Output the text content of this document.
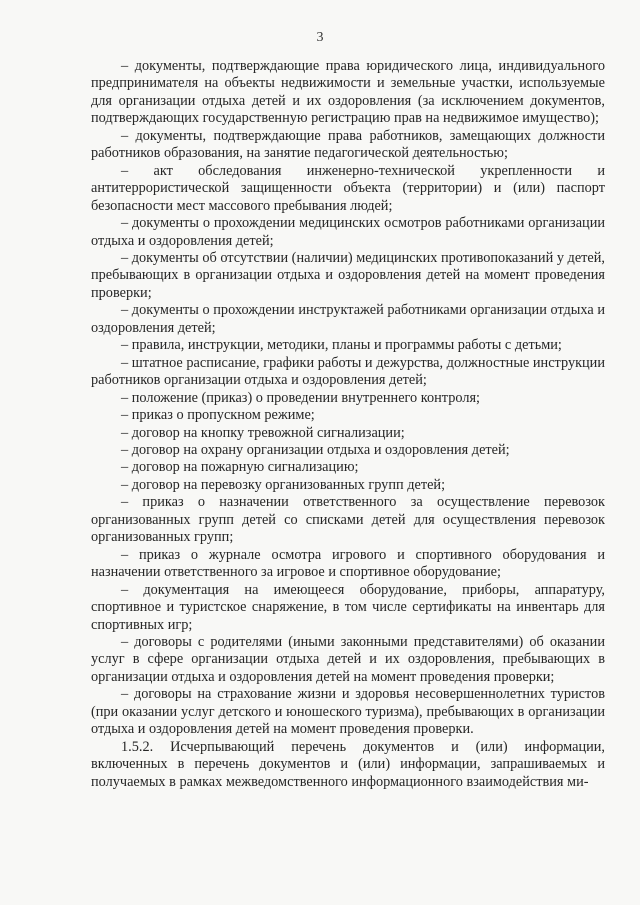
3

– документы, подтверждающие права юридического лица, индивидуального предпринимателя на объекты недвижимости и земельные участки, используемые для организации отдыха детей и их оздоровления (за исключением документов, подтверждающих государственную регистрацию прав на недвижимое имущество);

– документы, подтверждающие права работников, замещающих должности работников образования, на занятие педагогической деятельностью;

– акт обследования инженерно-технической укрепленности и антитеррористической защищенности объекта (территории) и (или) паспорт безопасности мест массового пребывания людей;

– документы о прохождении медицинских осмотров работниками организации отдыха и оздоровления детей;

– документы об отсутствии (наличии) медицинских противопоказаний у детей, пребывающих в организации отдыха и оздоровления детей на момент проведения проверки;

– документы о прохождении инструктажей работниками организации отдыха и оздоровления детей;

– правила, инструкции, методики, планы и программы работы с детьми;

– штатное расписание, графики работы и дежурства, должностные инструкции работников организации отдыха и оздоровления детей;

– положение (приказ) о проведении внутреннего контроля;

– приказ о пропускном режиме;

– договор на кнопку тревожной сигнализации;

– договор на охрану организации отдыха и оздоровления детей;

– договор на пожарную сигнализацию;

– договор на перевозку организованных групп детей;

– приказ о назначении ответственного за осуществление перевозок организованных групп детей со списками детей для осуществления перевозок организованных групп;

– приказ о журнале осмотра игрового и спортивного оборудования и назначении ответственного за игровое и спортивное оборудование;

– документация на имеющееся оборудование, приборы, аппаратуру, спортивное и туристское снаряжение, в том числе сертификаты на инвентарь для спортивных игр;

– договоры с родителями (иными законными представителями) об оказании услуг в сфере организации отдыха детей и их оздоровления, пребывающих в организации отдыха и оздоровления детей на момент проведения проверки;

– договоры на страхование жизни и здоровья несовершеннолетних туристов (при оказании услуг детского и юношеского туризма), пребывающих в организации отдыха и оздоровления детей на момент проведения проверки.

1.5.2. Исчерпывающий перечень документов и (или) информации, включенных в перечень документов и (или) информации, запрашиваемых и получаемых в рамках межведомственного информационного взаимодействия ми-
